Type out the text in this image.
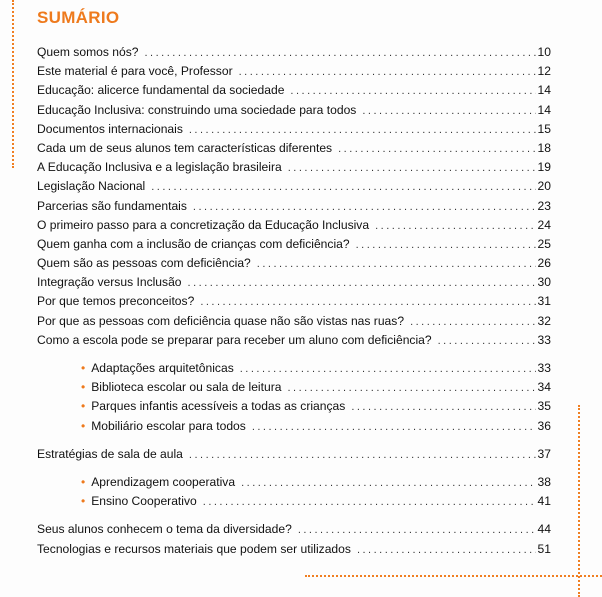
SUMÁRIO
Quem somos nós? .....	10
Este material é para você, Professor .....	12
Educação: alicerce fundamental da sociedade .....	14
Educação Inclusiva: construindo uma sociedade para todos .....	14
Documentos internacionais .....	15
Cada um de seus alunos tem características diferentes .....	18
A Educação Inclusiva e a legislação brasileira .....	19
Legislação Nacional .....	20
Parcerias são fundamentais .....	23
O primeiro passo para a concretização da Educação Inclusiva .....	24
Quem ganha com a inclusão de crianças com deficiência? .....	25
Quem são as pessoas com deficiência? .....	26
Integração versus Inclusão .....	30
Por que temos preconceitos? .....	31
Por que as pessoas com deficiência quase não são vistas nas ruas? .....	32
Como a escola pode se preparar para receber um aluno com deficiência? .....	33
• Adaptações arquitetônicas .....	33
• Biblioteca escolar ou sala de leitura .....	34
• Parques infantis acessíveis a todas as crianças .....	35
• Mobiliário escolar para todos .....	36
Estratégias de sala de aula .....	37
• Aprendizagem cooperativa .....	38
• Ensino Cooperativo .....	41
Seus alunos conhecem o tema da diversidade? .....	44
Tecnologias e recursos materiais que podem ser utilizados .....	51
